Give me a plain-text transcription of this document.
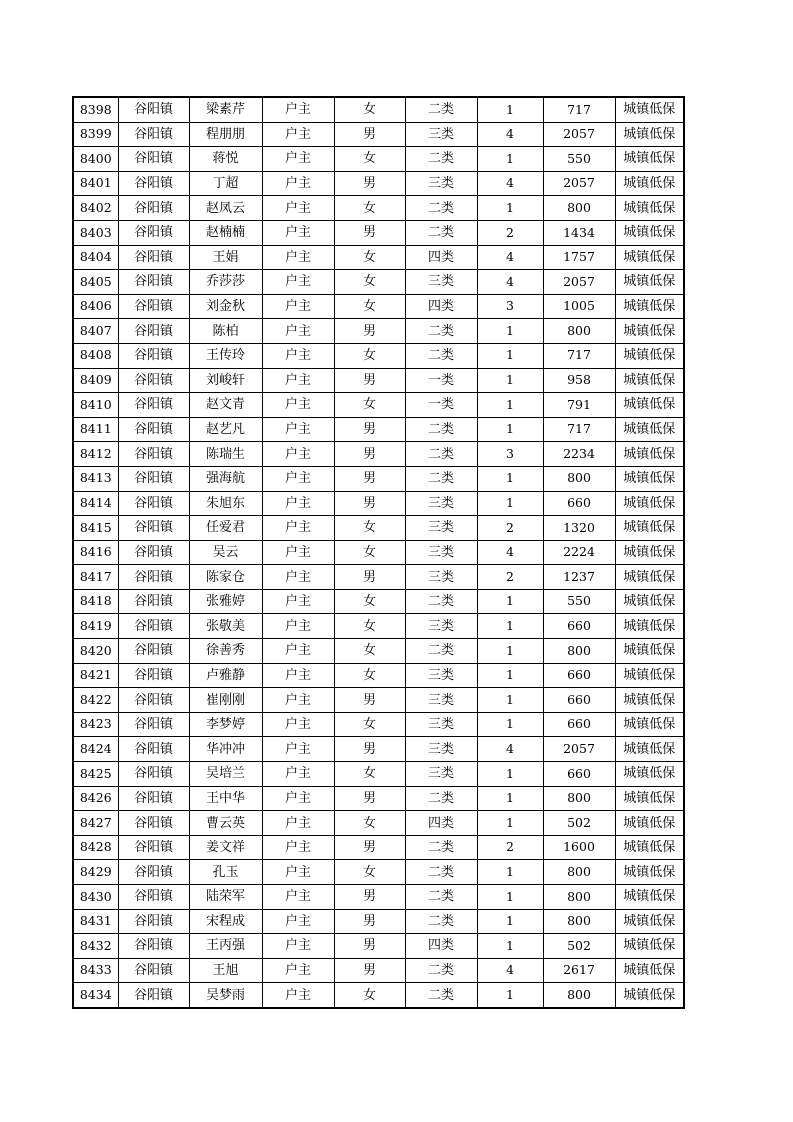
8398	谷阳镇	梁素芹	户主	女	二类	1	717	城镇低保
8399	谷阳镇	程朋朋	户主	男	三类	4	2057	城镇低保
8400	谷阳镇	蒋悦	户主	女	二类	1	550	城镇低保
8401	谷阳镇	丁超	户主	男	三类	4	2057	城镇低保
8402	谷阳镇	赵凤云	户主	女	二类	1	800	城镇低保
8403	谷阳镇	赵楠楠	户主	男	二类	2	1434	城镇低保
8404	谷阳镇	王娟	户主	女	四类	4	1757	城镇低保
8405	谷阳镇	乔莎莎	户主	女	三类	4	2057	城镇低保
8406	谷阳镇	刘金秋	户主	女	四类	3	1005	城镇低保
8407	谷阳镇	陈柏	户主	男	二类	1	800	城镇低保
8408	谷阳镇	王传玲	户主	女	二类	1	717	城镇低保
8409	谷阳镇	刘峻轩	户主	男	一类	1	958	城镇低保
8410	谷阳镇	赵文青	户主	女	一类	1	791	城镇低保
8411	谷阳镇	赵艺凡	户主	男	二类	1	717	城镇低保
8412	谷阳镇	陈瑞生	户主	男	二类	3	2234	城镇低保
8413	谷阳镇	强海航	户主	男	二类	1	800	城镇低保
8414	谷阳镇	朱旭东	户主	男	三类	1	660	城镇低保
8415	谷阳镇	任爱君	户主	女	三类	2	1320	城镇低保
8416	谷阳镇	吴云	户主	女	三类	4	2224	城镇低保
8417	谷阳镇	陈家仓	户主	男	三类	2	1237	城镇低保
8418	谷阳镇	张雅婷	户主	女	二类	1	550	城镇低保
8419	谷阳镇	张敬美	户主	女	三类	1	660	城镇低保
8420	谷阳镇	徐善秀	户主	女	二类	1	800	城镇低保
8421	谷阳镇	卢雅静	户主	女	三类	1	660	城镇低保
8422	谷阳镇	崔刚刚	户主	男	三类	1	660	城镇低保
8423	谷阳镇	李梦婷	户主	女	三类	1	660	城镇低保
8424	谷阳镇	华冲冲	户主	男	三类	4	2057	城镇低保
8425	谷阳镇	吴培兰	户主	女	三类	1	660	城镇低保
8426	谷阳镇	王中华	户主	男	二类	1	800	城镇低保
8427	谷阳镇	曹云英	户主	女	四类	1	502	城镇低保
8428	谷阳镇	姜文祥	户主	男	二类	2	1600	城镇低保
8429	谷阳镇	孔玉	户主	女	二类	1	800	城镇低保
8430	谷阳镇	陆荣军	户主	男	二类	1	800	城镇低保
8431	谷阳镇	宋程成	户主	男	二类	1	800	城镇低保
8432	谷阳镇	王丙强	户主	男	四类	1	502	城镇低保
8433	谷阳镇	王旭	户主	男	二类	4	2617	城镇低保
8434	谷阳镇	吴梦雨	户主	女	二类	1	800	城镇低保
